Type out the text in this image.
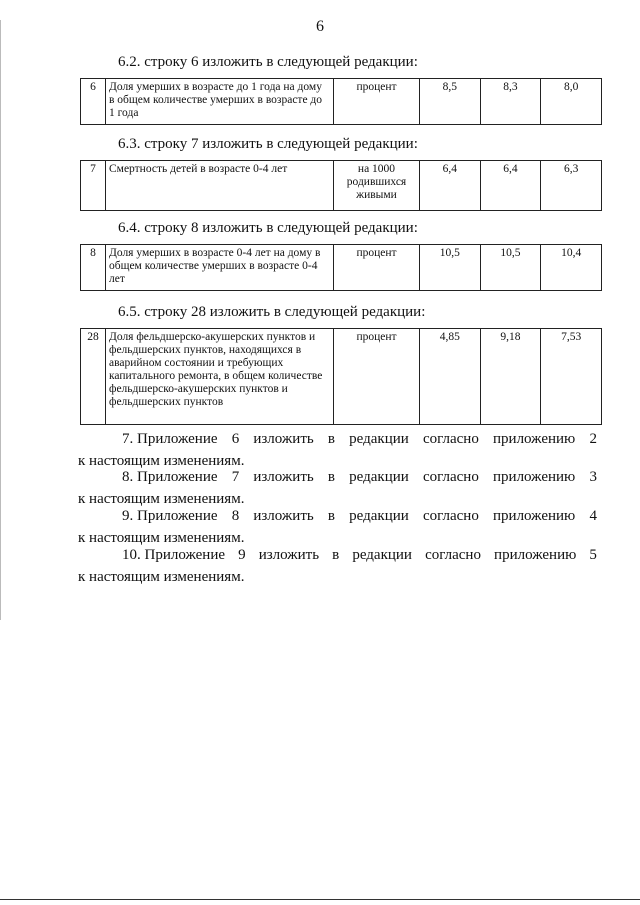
6
6.2. строку 6 изложить в следующей редакции:
6	Доля умерших в возрасте до 1 года на дому в общем количестве умерших в возрасте до 1 года	процент	8,5	8,3	8,0
6.3. строку 7 изложить в следующей редакции:
7	Смертность детей в возрасте 0-4 лет	на 1000 родившихся живыми	6,4	6,4	6,3
6.4. строку 8 изложить в следующей редакции:
8	Доля умерших в возрасте 0-4 лет на дому в общем количестве умерших в возрасте 0-4 лет	процент	10,5	10,5	10,4
6.5. строку 28 изложить в следующей редакции:
28	Доля фельдшерско-акушерских пунктов и фельдшерских пунктов, находящихся в аварийном состоянии и требующих капитального ремонта, в общем количестве фельдшерско-акушерских пунктов и фельдшерских пунктов	процент	4,85	9,18	7,53
7. Приложение 6 изложить в редакции согласно приложению 2
к настоящим изменениям.
8. Приложение 7 изложить в редакции согласно приложению 3
к настоящим изменениям.
9. Приложение 8 изложить в редакции согласно приложению 4
к настоящим изменениям.
10. Приложение 9 изложить в редакции согласно приложению 5
к настоящим изменениям.
